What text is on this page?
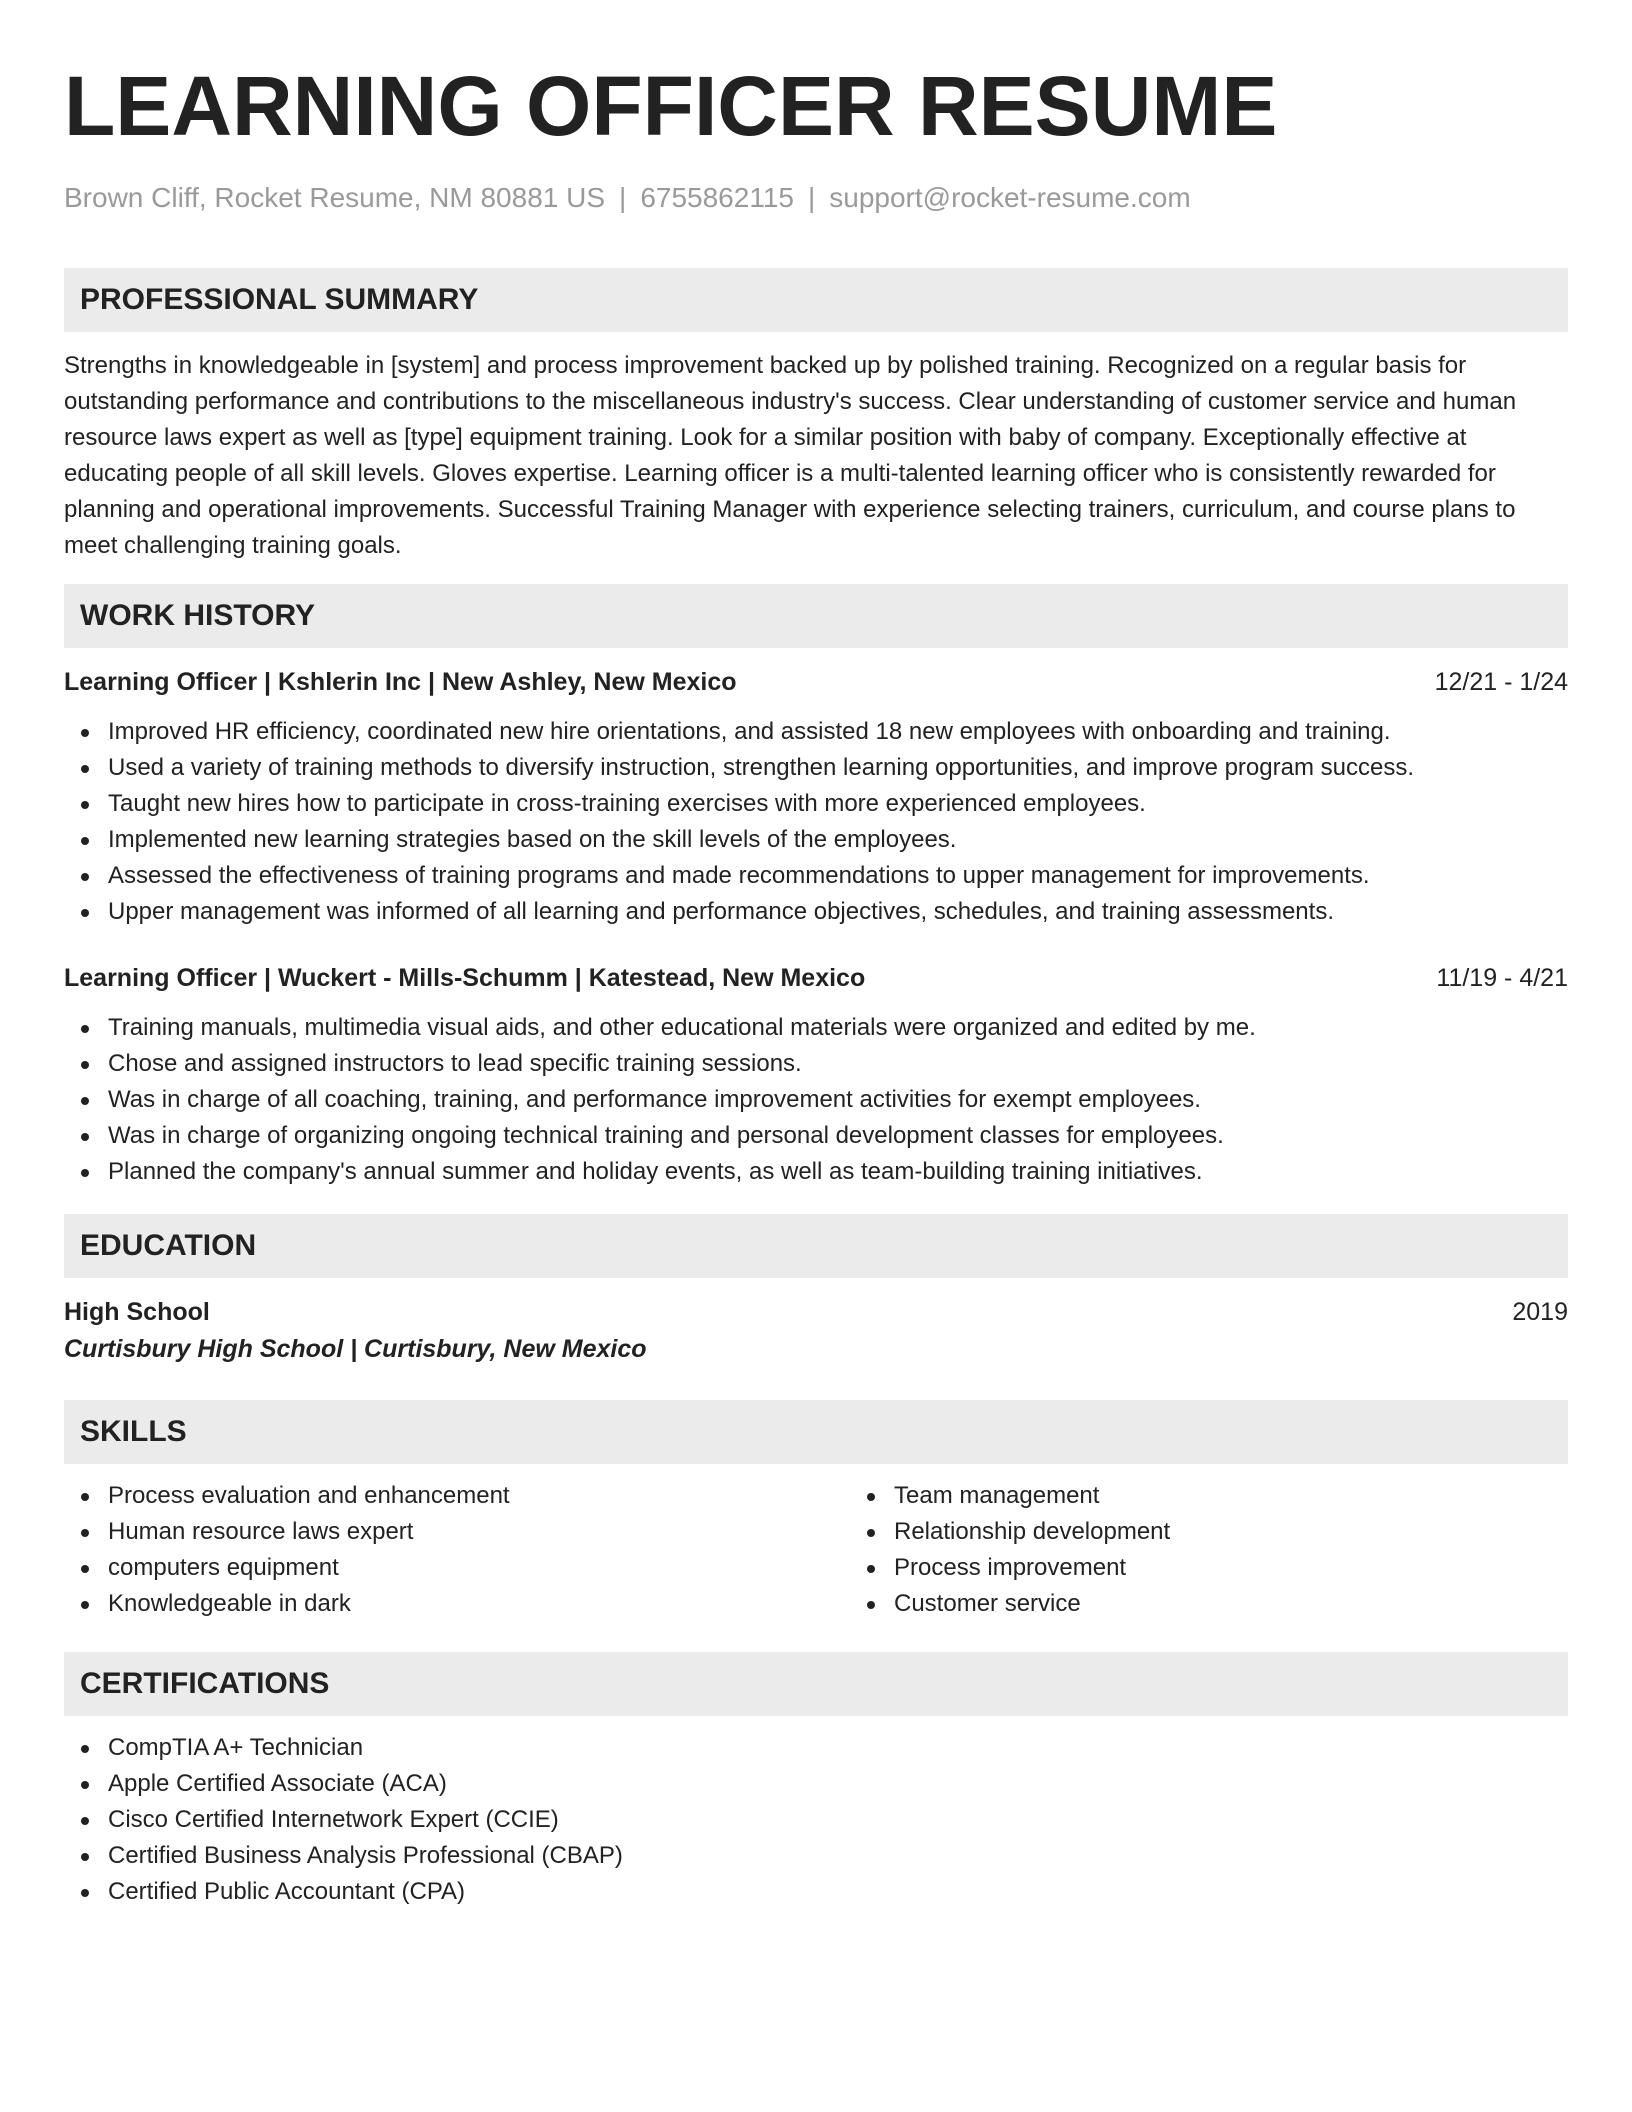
LEARNING OFFICER RESUME
Brown Cliff, Rocket Resume, NM 80881 US | 6755862115 | support@rocket-resume.com
PROFESSIONAL SUMMARY

Strengths in knowledgeable in [system] and process improvement backed up by polished training. Recognized on a regular basis for outstanding performance and contributions to the miscellaneous industry's success. Clear understanding of customer service and human resource laws expert as well as [type] equipment training. Look for a similar position with baby of company. Exceptionally effective at educating people of all skill levels. Gloves expertise. Learning officer is a multi-talented learning officer who is consistently rewarded for planning and operational improvements. Successful Training Manager with experience selecting trainers, curriculum, and course plans to meet challenging training goals.

WORK HISTORY
Learning Officer | Kshlerin Inc | New Ashley, New Mexico	12/21 - 1/24
Improved HR efficiency, coordinated new hire orientations, and assisted 18 new employees with onboarding and training.
Used a variety of training methods to diversify instruction, strengthen learning opportunities, and improve program success.
Taught new hires how to participate in cross-training exercises with more experienced employees.
Implemented new learning strategies based on the skill levels of the employees.
Assessed the effectiveness of training programs and made recommendations to upper management for improvements.
Upper management was informed of all learning and performance objectives, schedules, and training assessments.
Learning Officer | Wuckert - Mills-Schumm | Katestead, New Mexico	11/19 - 4/21
Training manuals, multimedia visual aids, and other educational materials were organized and edited by me.
Chose and assigned instructors to lead specific training sessions.
Was in charge of all coaching, training, and performance improvement activities for exempt employees.
Was in charge of organizing ongoing technical training and personal development classes for employees.
Planned the company's annual summer and holiday events, as well as team-building training initiatives.
EDUCATION
High School	2019
Curtisbury High School | Curtisbury, New Mexico
SKILLS
Process evaluation and enhancement
Human resource laws expert
computers equipment
Knowledgeable in dark
Team management
Relationship development
Process improvement
Customer service
CERTIFICATIONS
CompTIA A+ Technician
Apple Certified Associate (ACA)
Cisco Certified Internetwork Expert (CCIE)
Certified Business Analysis Professional (CBAP)
Certified Public Accountant (CPA)
